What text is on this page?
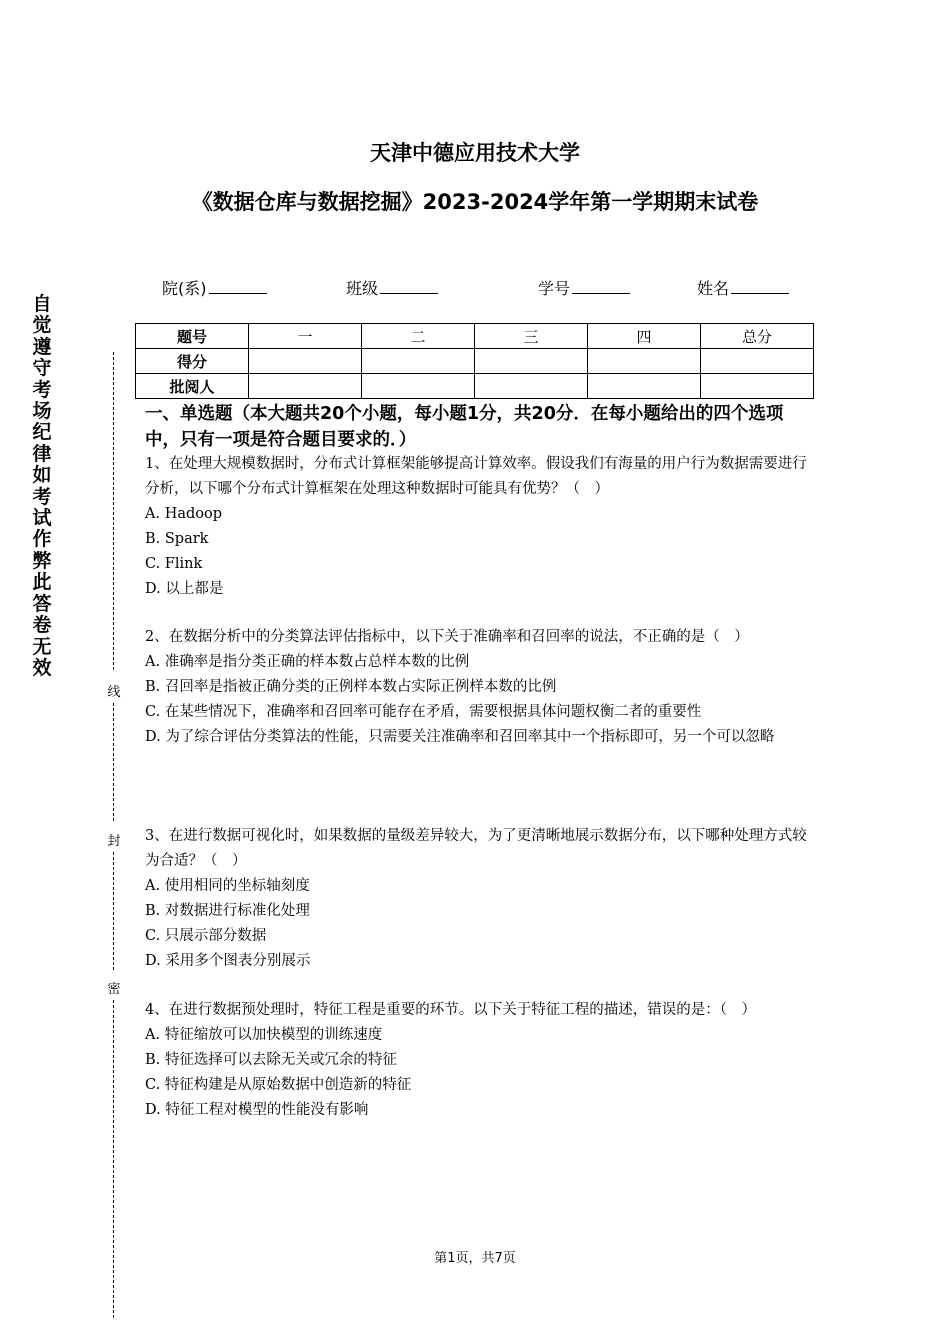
天津中德应用技术大学
《数据仓库与数据挖掘》2023-2024学年第一学期期末试卷
院(系)	班级	学号	姓名
自觉遵守考场纪律如考试作弊此答卷无效
线
封
密
题号	一	二	三	四	总分
得分					
批阅人					
一、单选题（本大题共20个小题，每小题1分，共20分．在每小题给出的四个选项中，只有一项是符合题目要求的．）

1、在处理大规模数据时，分布式计算框架能够提高计算效率。假设我们有海量的用户行为数据需要进行分析，以下哪个分布式计算框架在处理这种数据时可能具有优势？（　）

A. Hadoop

B. Spark

C. Flink

D. 以上都是

2、在数据分析中的分类算法评估指标中，以下关于准确率和召回率的说法，不正确的是（　）

A. 准确率是指分类正确的样本数占总样本数的比例

B. 召回率是指被正确分类的正例样本数占实际正例样本数的比例

C. 在某些情况下，准确率和召回率可能存在矛盾，需要根据具体问题权衡二者的重要性

D. 为了综合评估分类算法的性能，只需要关注准确率和召回率其中一个指标即可，另一个可以忽略

3、在进行数据可视化时，如果数据的量级差异较大，为了更清晰地展示数据分布，以下哪种处理方式较为合适？（　）

A. 使用相同的坐标轴刻度

B. 对数据进行标准化处理

C. 只展示部分数据

D. 采用多个图表分别展示

4、在进行数据预处理时，特征工程是重要的环节。以下关于特征工程的描述，错误的是：（　）

A. 特征缩放可以加快模型的训练速度

B. 特征选择可以去除无关或冗余的特征

C. 特征构建是从原始数据中创造新的特征

D. 特征工程对模型的性能没有影响

第1页，共7页
